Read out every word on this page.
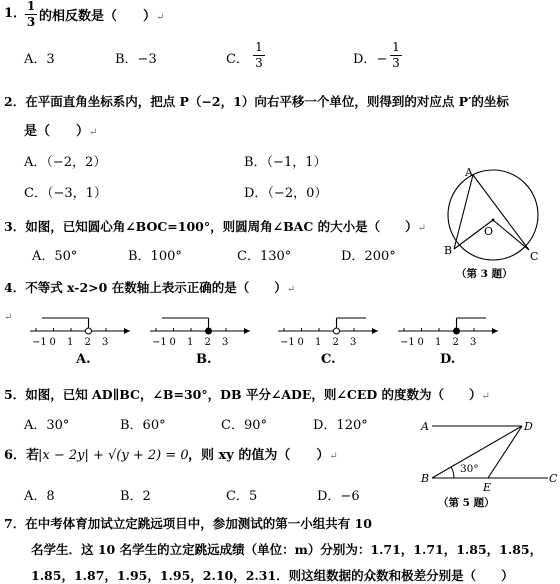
1． 1
3 的相反数是（　　）↵
A．3	B．−3	C．
1
3	D．−
1
3
2．在平面直角坐标系内，把点 P（−2，1）向右平移一个单位，则得到的对应点 P′的坐标
是（　　）↵
A．（−2，2）	B．（−1，1）
C．（−3，1）	D．（−2，0）
A
B	C
O
（第 3 题）
3．如图，已知圆心角∠BOC=100°，则圆周角∠BAC 的大小是（　　）↵
A．50°	B．100°	C．130°	D．200°
4．不等式 x-2>0 在数轴上表示正确的是（　　）↵
↵
−1 0 1 2 3	−1 0 1 2 3	−1 0 1 2 3	−1 0 1 2 3
A.	B.	C.	D.
5．如图，已知 AD∥BC，∠B=30°，DB 平分∠ADE，则∠CED 的度数为（　　）↵
A．30°	B．60°	C．90°	D．120°	A	D
B	C
E
30°
（第 5 题）
6．若
|x − 2y| + √(y + 2) = 0 ，则 xy 的值为（　　）↵
A．8	B．2	C．5	D．−6
7．在中考体育加试立定跳远项目中，参加测试的第一小组共有 10
名学生．这 10 名学生的立定跳远成绩（单位：m）分别为：1.71，1.71，1.85，1.85，
1.85，1.87，1.95，1.95，2.10，2.31．则这组数据的众数和极差分别是（　　）
